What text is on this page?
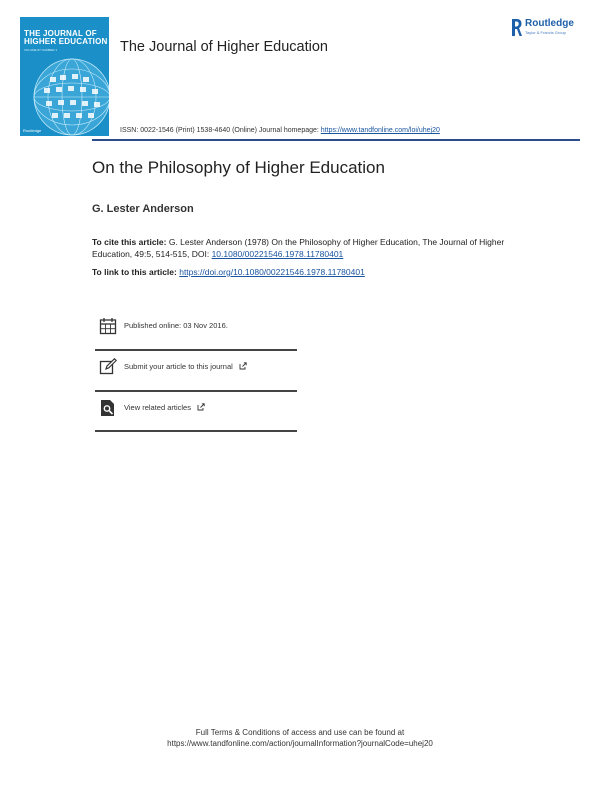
THE JOURNAL OF
HIGHER EDUCATION
VOLUME 87 NUMBER 1
Routledge
The Journal of Higher Education
Routledge
Taylor & Francis Group
ISSN: 0022-1546 (Print) 1538-4640 (Online) Journal homepage: https://www.tandfonline.com/loi/uhej20
On the Philosophy of Higher Education
G. Lester Anderson
To cite this article: G. Lester Anderson (1978) On the Philosophy of Higher Education, The Journal of Higher Education, 49:5, 514-515, DOI: 10.1080/00221546.1978.11780401
To link to this article: https://doi.org/10.1080/00221546.1978.11780401
Published online: 03 Nov 2016.
Submit your article to this journal
View related articles
Full Terms & Conditions of access and use can be found at
https://www.tandfonline.com/action/journalInformation?journalCode=uhej20
